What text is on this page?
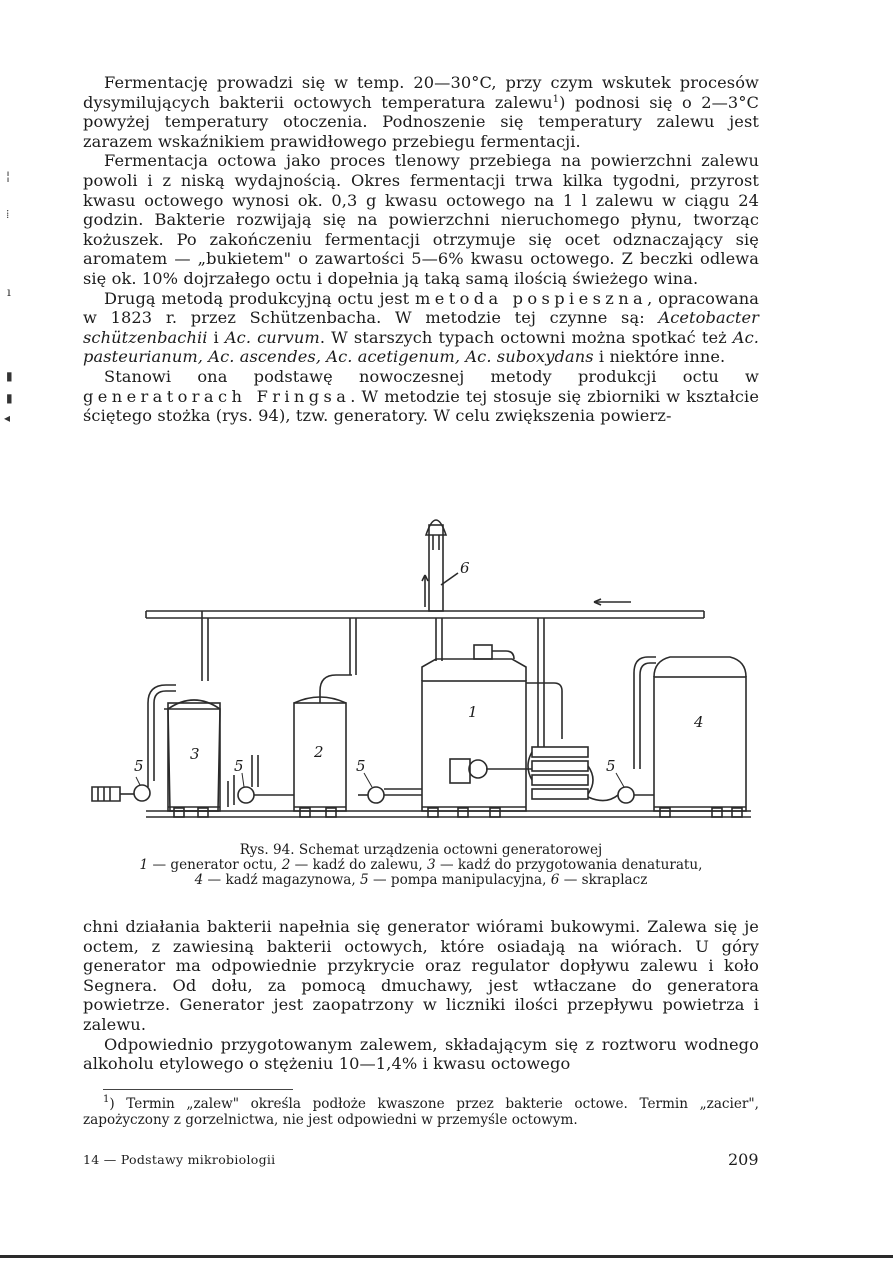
Fermentację prowadzi się w temp. 20—30°C, przy czym wskutek procesów dysymilujących bakterii octowych temperatura zalewu$^1$) podnosi się o 2—3°C powyżej temperatury otoczenia. Podnoszenie się temperatury zalewu jest zarazem wskaźnikiem prawidłowego przebiegu fermentacji.

Fermentacja octowa jako proces tlenowy przebiega na powierzchni zalewu powoli i z niską wydajnością. Okres fermentacji trwa kilka tygodni, przyrost kwasu octowego wynosi ok. 0,3 g kwasu octowego na 1 l zalewu w ciągu 24 godzin. Bakterie rozwijają się na powierzchni nieruchomego płynu, tworząc kożuszek. Po zakończeniu fermentacji otrzymuje się ocet odznaczający się aromatem — „bukietem" o zawartości 5—6% kwasu octowego. Z beczki odlewa się ok. 10% dojrzałego octu i dopełnia ją taką samą ilością świeżego wina.

Drugą metodą produkcyjną octu jest metoda pospieszna, opracowana w 1823 r. przez Schützenbacha. W metodzie tej czynne są: Acetobacter schützenbachii i Ac. curvum. W starszych typach octowni można spotkać też Ac. pasteurianum, Ac. ascendes, Ac. acetigenum, Ac. suboxydans i niektóre inne.

Stanowi ona podstawę nowoczesnej metody produkcji octu w generatorach Fringsa. W metodzie tej stosuje się zbiorniki w kształcie ściętego stożka (rys. 94), tzw. generatory. W celu zwiększenia powierz-

3	2
1
4
6
5	5	5	5
Rys. 94. Schemat urządzenia octowni generatorowej
1 — generator octu, 2 — kadź do zalewu, 3 — kadź do przygotowania denaturatu,
4 — kadź magazynowa, 5 — pompa manipulacyjna, 6 — skraplacz

chni działania bakterii napełnia się generator wiórami bukowymi. Zalewa się je octem, z zawiesiną bakterii octowych, które osiadają na wiórach. U góry generator ma odpowiednie przykrycie oraz regulator dopływu zalewu i koło Segnera. Od dołu, za pomocą dmuchawy, jest wtłaczane do generatora powietrze. Generator jest zaopatrzony w liczniki ilości przepływu powietrza i zalewu.

Odpowiednio przygotowanym zalewem, składającym się z roztworu wodnego alkoholu etylowego o stężeniu 10—1,4% i kwasu octowego

$^1$) Termin „zalew" określa podłoże kwaszone przez bakterie octowe. Termin „zacier", zapożyczony z gorzelnictwa, nie jest odpowiedni w przemyśle octowym.
14 — Podstawy mikrobiologii	209
¦
⁞
ı
▮
▮
◂
